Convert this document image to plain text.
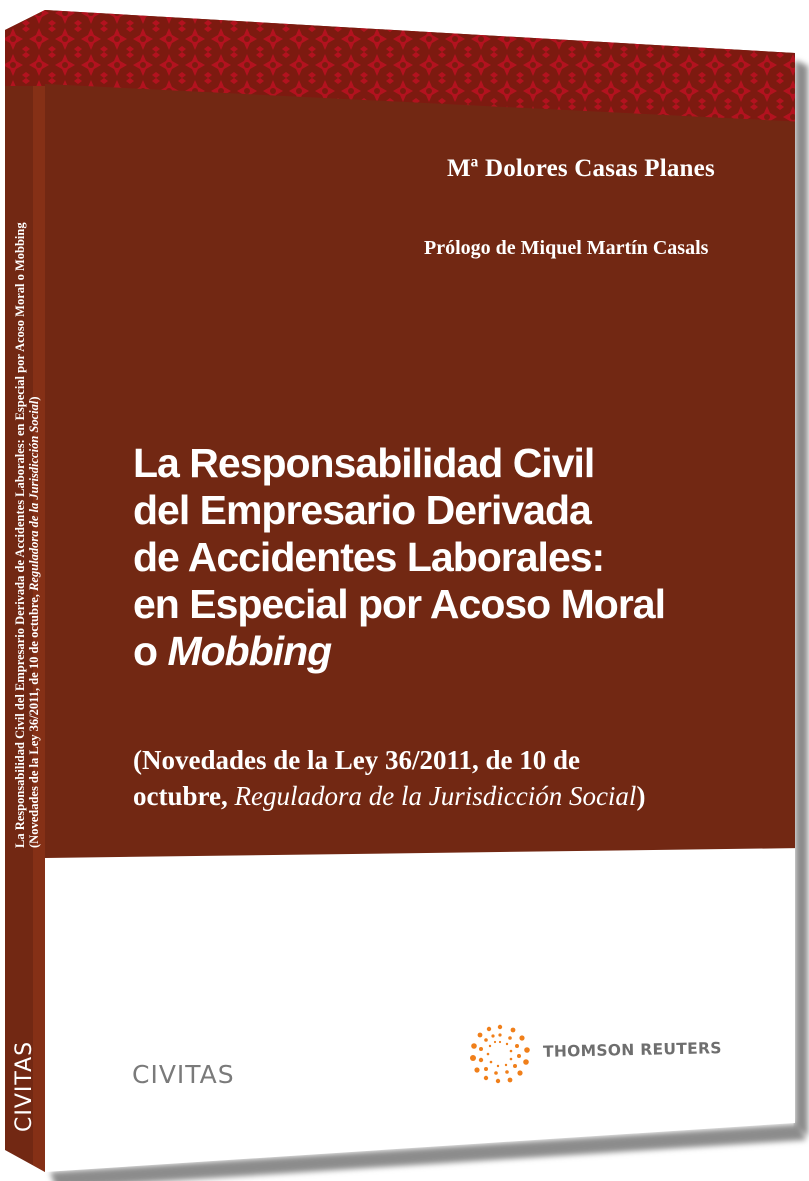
Mª Dolores Casas Planes
Prólogo de Miquel Martín Casals
La Responsabilidad Civil
del Empresario Derivada
de Accidentes Laborales:
en Especial por Acoso Moral
o Mobbing
(Novedades de la Ley 36/2011, de 10 de
octubre, Reguladora de la Jurisdicción Social)
La Responsabilidad Civil del Empresario Derivada de Accidentes Laborales: en Especial por Acoso Moral o Mobbing (Novedades de la Ley 36/2011, de 10 de octubre, Reguladora de la Jurisdicción Social)
CIVITAS	CIVITAS
THOMSON REUTERS
